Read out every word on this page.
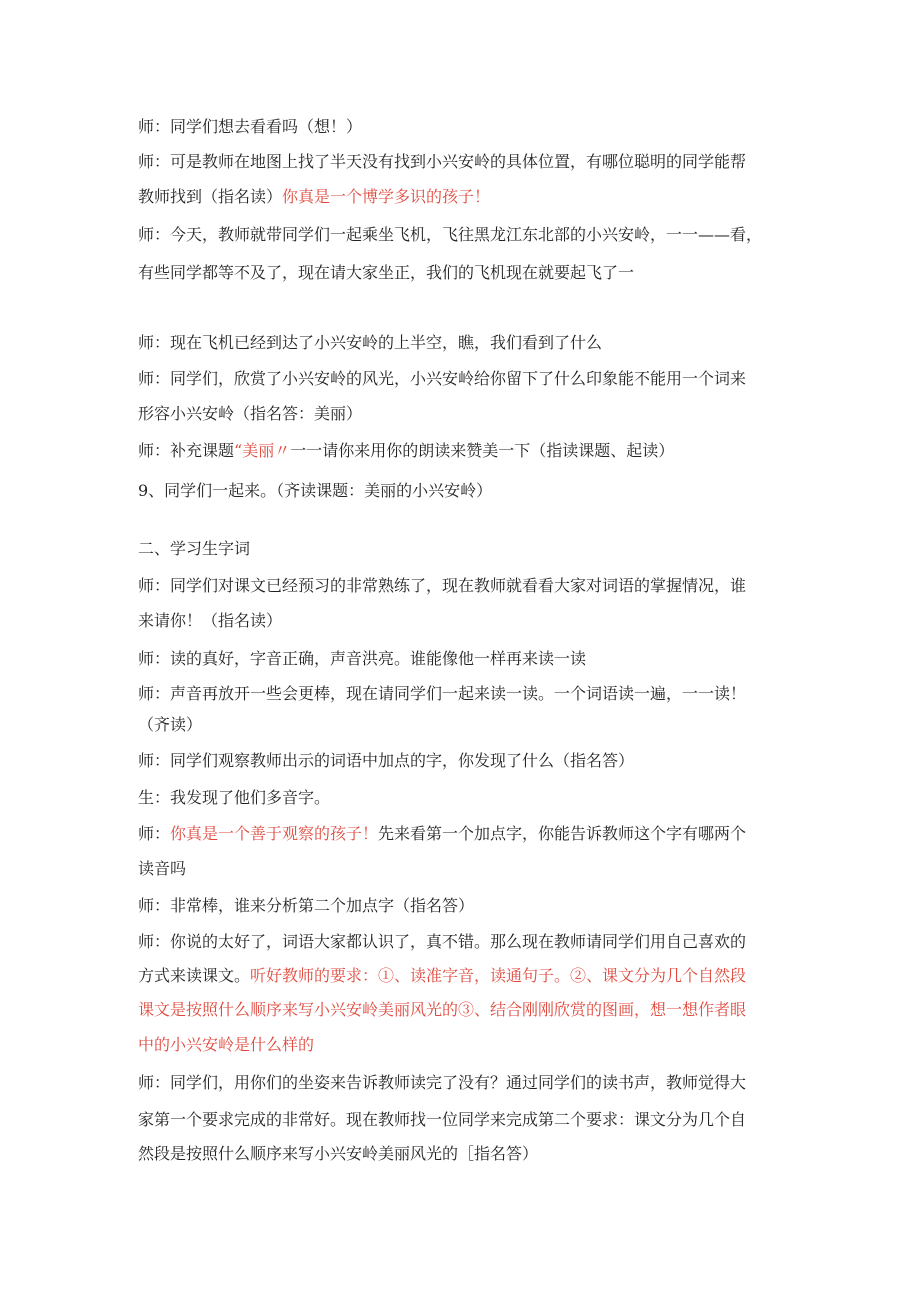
师：同学们想去看看吗（想！）
师：可是教师在地图上找了半天没有找到小兴安岭的具体位置，有哪位聪明的同学能帮
教师找到（指名读）你真是一个博学多识的孩子！
师：今天，教师就带同学们一起乘坐飞机，飞往黑龙江东北部的小兴安岭，一一——看，
有些同学都等不及了，现在请大家坐正，我们的飞机现在就要起飞了一
师：现在飞机已经到达了小兴安岭的上半空，瞧，我们看到了什么
师：同学们，欣赏了小兴安岭的风光，小兴安岭给你留下了什么印象能不能用一个词来
形容小兴安岭（指名答：美丽）
师：补充课题“美丽〃一一请你来用你的朗读来赞美一下（指读课题、起读）
9、同学们一起来。（齐读课题：美丽的小兴安岭）
二、学习生字词
师：同学们对课文已经预习的非常熟练了，现在教师就看看大家对词语的掌握情况，谁
来请你！（指名读）
师：读的真好，字音正确，声音洪亮。谁能像他一样再来读一读
师：声音再放开一些会更棒，现在请同学们一起来读一读。一个词语读一遍，一一读！
（齐读）
师：同学们观察教师出示的词语中加点的字，你发现了什么（指名答）
生：我发现了他们多音字。
师：你真是一个善于观察的孩子！先来看第一个加点字，你能告诉教师这个字有哪两个
读音吗
师：非常棒，谁来分析第二个加点字（指名答）
师：你说的太好了，词语大家都认识了，真不错。那么现在教师请同学们用自己喜欢的
方式来读课文。听好教师的要求：①、读准字音，读通句子。②、课文分为几个自然段
课文是按照什么顺序来写小兴安岭美丽风光的③、结合刚刚欣赏的图画，想一想作者眼
中的小兴安岭是什么样的
师：同学们，用你们的坐姿来告诉教师读完了没有？通过同学们的读书声，教师觉得大
家第一个要求完成的非常好。现在教师找一位同学来完成第二个要求：课文分为几个自
然段是按照什么顺序来写小兴安岭美丽风光的［指名答）
